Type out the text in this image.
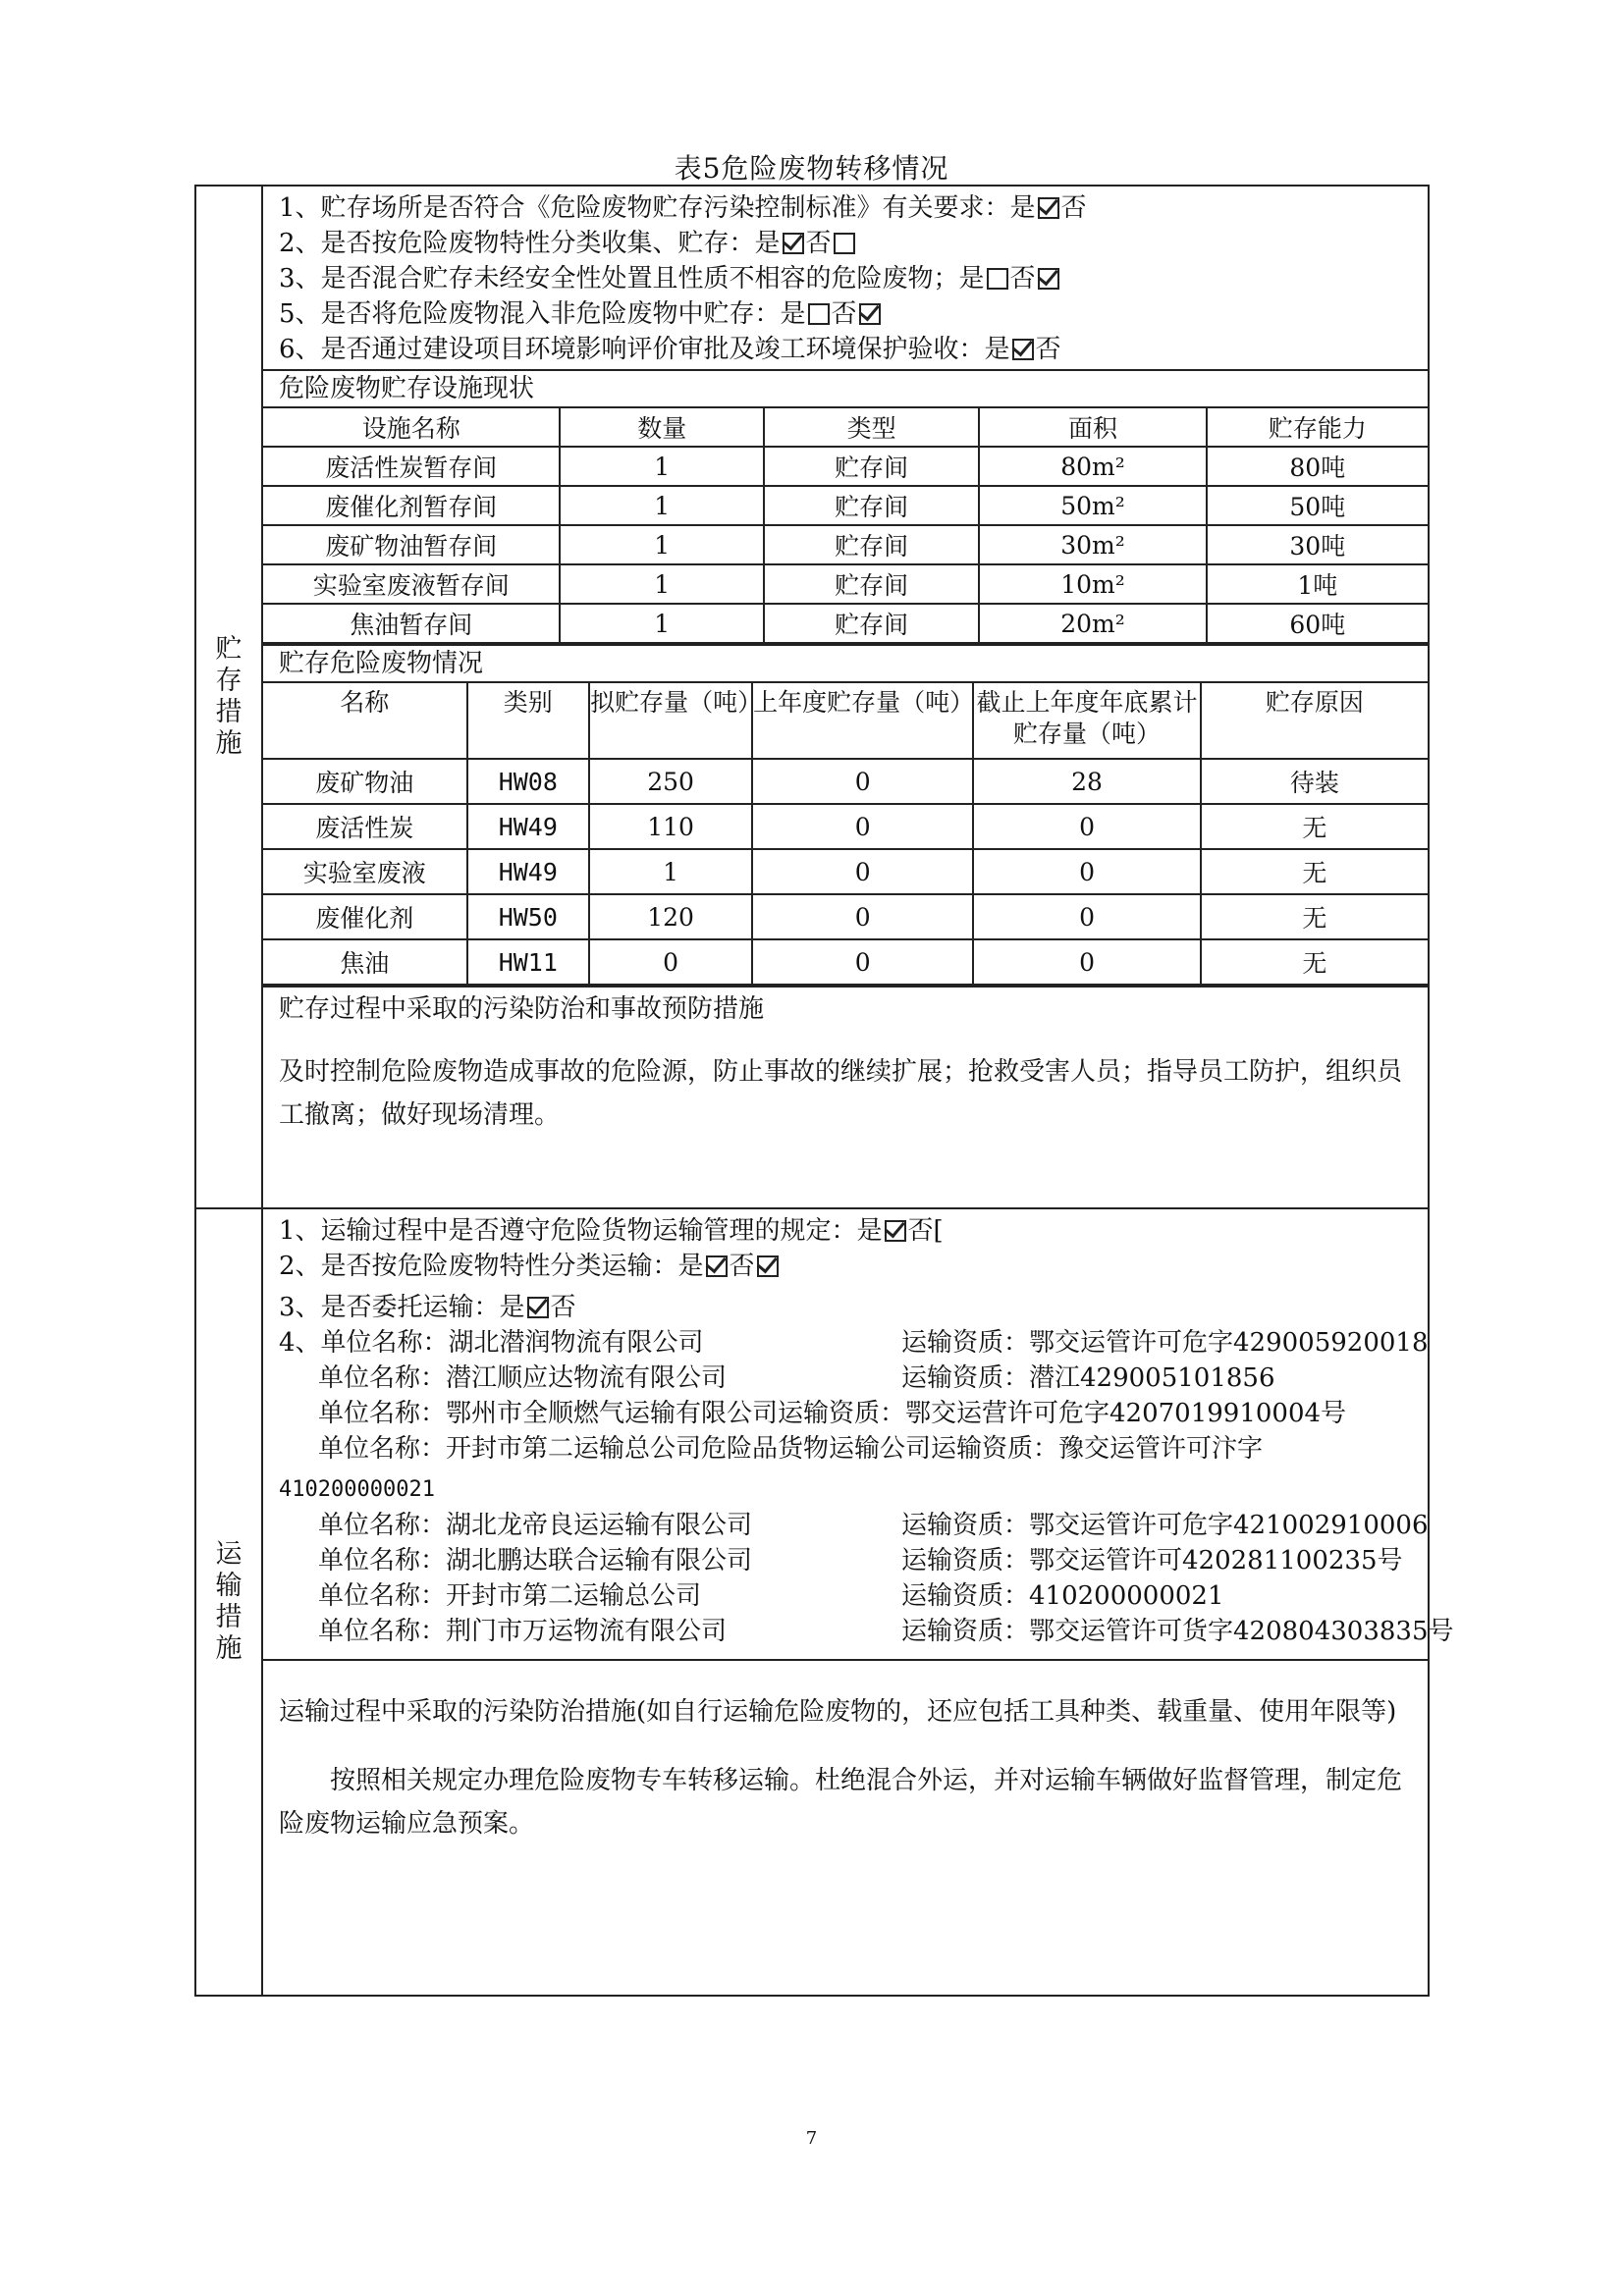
表5危险废物转移情况
贮
存
措
施

1、贮存场所是否符合《危险废物贮存污染控制标准》有关要求：是 否
2、是否按危险废物特性分类收集、贮存：是 否
3、是否混合贮存未经安全性处置且性质不相容的危险废物；是 否
5、是否将危险废物混入非危险废物中贮存：是 否
6、是否通过建设项目环境影响评价审批及竣工环境保护验收：是 否
危险废物贮存设施现状
设施名称	数量	类型	面积	贮存能力
废活性炭暂存间	1	贮存间	80m²	80吨
废催化剂暂存间	1	贮存间	50m²	50吨
废矿物油暂存间	1	贮存间	30m²	30吨
实验室废液暂存间	1	贮存间	10m²	1吨
焦油暂存间	1	贮存间	20m²	60吨
贮存危险废物情况
名称	类别	拟贮存量（吨）	上年度贮存量（吨）	截止上年度年底累计贮存量（吨）	贮存原因
废矿物油	HW08	250	0	28	待装
废活性炭	HW49	110	0	0	无
实验室废液	HW49	1	0	0	无
废催化剂	HW50	120	0	0	无
焦油	HW11	0	0	0	无
贮存过程中采取的污染防治和事故预防措施
及时控制危险废物造成事故的危险源，防止事故的继续扩展；抢救受害人员；指导员工防护，组织员工撤离；做好现场清理。

运
输
措
施

1、运输过程中是否遵守危险货物运输管理的规定：是 否[
2、是否按危险废物特性分类运输：是 否
3、是否委托运输：是 否
4、单位名称：湖北潜润物流有限公司	运输资质：鄂交运管许可危字429005920018
单位名称：潜江顺应达物流有限公司	运输资质：潜江429005101856
单位名称：鄂州市全顺燃气运输有限公司运输资质：鄂交运营许可危字4207019910004号
单位名称：开封市第二运输总公司危险品货物运输公司运输资质：豫交运管许可汴字
410200000021
单位名称：湖北龙帝良运运输有限公司	运输资质：鄂交运管许可危字421002910006
单位名称：湖北鹏达联合运输有限公司	运输资质：鄂交运管许可420281100235号
单位名称：开封市第二运输总公司	运输资质：410200000021
单位名称：荆门市万运物流有限公司	运输资质：鄂交运管许可货字420804303835号
运输过程中采取的污染防治措施(如自行运输危险废物的，还应包括工具种类、载重量、使用年限等)
按照相关规定办理危险废物专车转移运输。杜绝混合外运，并对运输车辆做好监督管理，制定危险废物运输应急预案。
7
